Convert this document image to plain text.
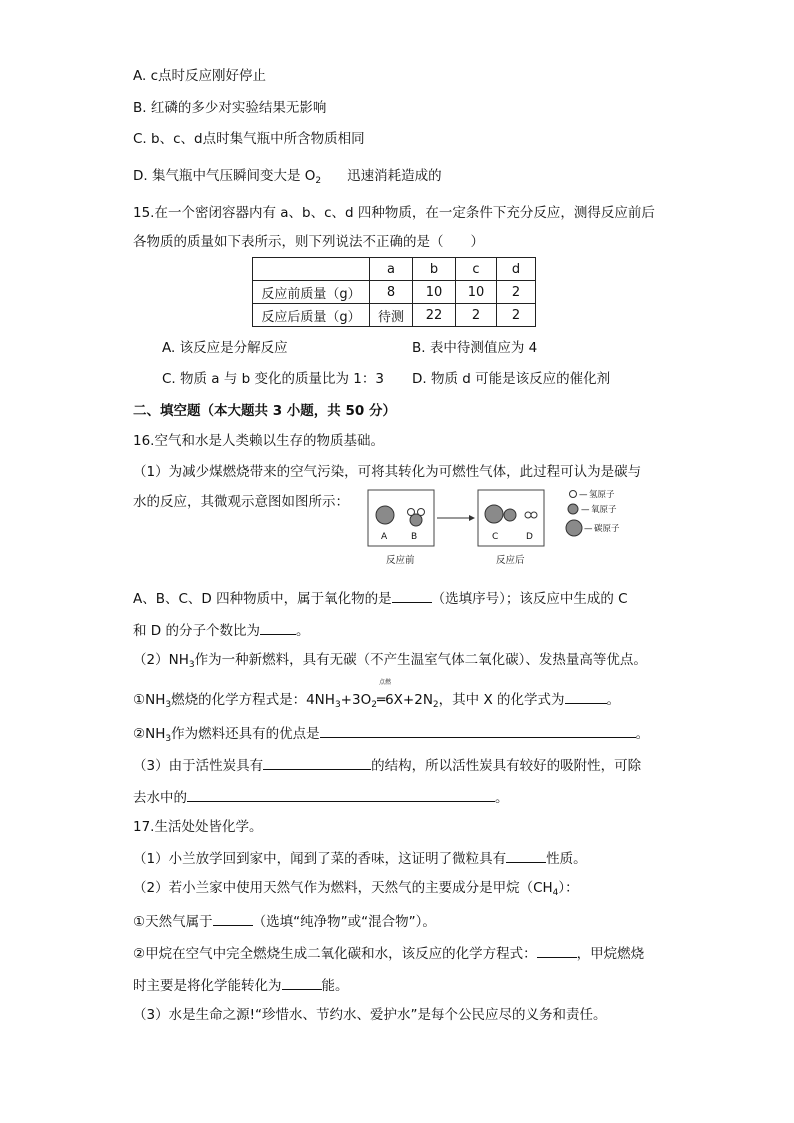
A. c点时反应刚好停止
B. 红磷的多少对实验结果无影响
C. b、c、d点时集气瓶中所含物质相同
D. 集气瓶中气压瞬间变大是 $O_2$ 迅速消耗造成的
15.在一个密闭容器内有 a、b、c、d 四种物质，在一定条件下充分反应，测得反应前后
各物质的质量如下表所示，则下列说法不正确的是（　　）
	a	b	c	d
反应前质量（g）	8	10	10	2
反应后质量（g）	待测	22	2	2
A. 该反应是分解反应	B. 表中待测值应为 4
C. 物质 a 与 b 变化的质量比为 1：3 D. 物质 d 可能是该反应的催化剂
二、填空题（本大题共 3 小题，共 50 分）
16.空气和水是人类赖以生存的物质基础。
（1）为减少煤燃烧带来的空气污染，可将其转化为可燃性气体，此过程可认为是碳与
水的反应，其微观示意图如图所示：
A	B	C	D
反应前	反应后
— 氢原子
— 氧原子
— 碳原子
A、B、C、D 四种物质中，属于氧化物的是	（选填序号）；该反应中生成的 C
和 D 的分子个数比为	。
$(2)NH_3$作为一种新燃料，具有无碳（不产生温室气体二氧化碳）、发热量高等优点。
点燃
$①NH_3$燃烧的化学方程式是：$4NH_3+3O_2═6X+2N_2$，其中 X 的化学式为	。
$②NH_3$作为燃料还具有的优点是	。
（3）由于活性炭具有	的结构，所以活性炭具有较好的吸附性，可除
去水中的	。
17.生活处处皆化学。
（1）小兰放学回到家中，闻到了菜的香味，这证明了微粒具有	性质。
（2）若小兰家中使用天然气作为燃料，天然气的主要成分是甲烷$(CH_4)$：
①天然气属于	（选填“纯净物”或“混合物”）。
②甲烷在空气中完全燃烧生成二氧化碳和水，该反应的化学方程式：	，甲烷燃烧
时主要是将化学能转化为	能。
（3）水是生命之源!“珍惜水、节约水、爱护水”是每个公民应尽的义务和责任。
